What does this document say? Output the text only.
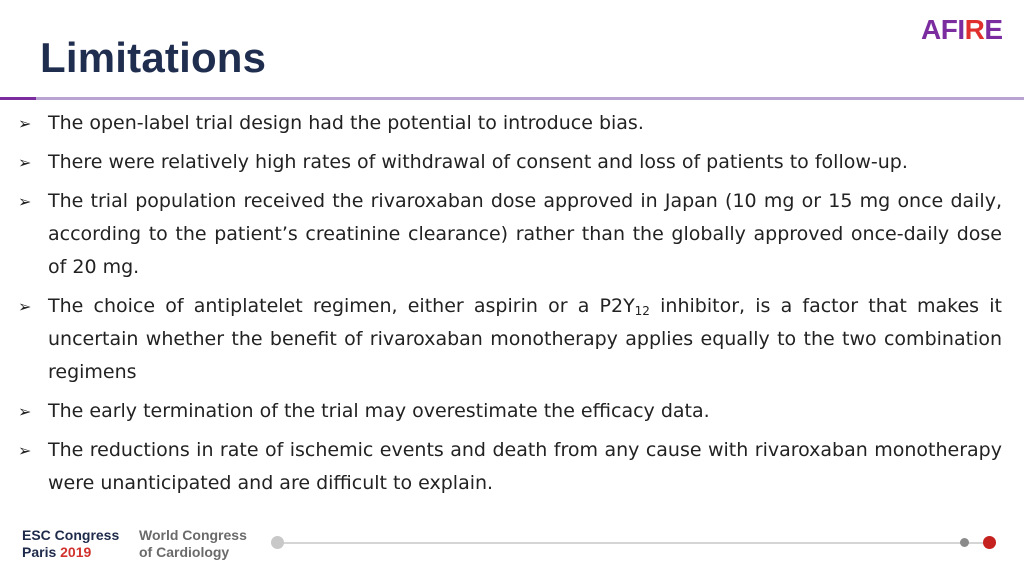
Limitations
AFIRE
➢ The open-label trial design had the potential to introduce bias.
➢ There were relatively high rates of withdrawal of consent and loss of patients to follow-up.
➢ The trial population received the rivaroxaban dose approved in Japan (10 mg or 15 mg once daily, according to the patient’s creatinine clearance) rather than the globally approved once-daily dose of 20 mg.
➢ The choice of antiplatelet regimen, either aspirin or a $P2Y_{12}$ inhibitor, is a factor that makes it uncertain whether the benefit of rivaroxaban monotherapy applies equally to the two combination regimens
➢ The early termination of the trial may overestimate the efficacy data.
➢ The reductions in rate of ischemic events and death from any cause with rivaroxaban monotherapy were unanticipated and are difficult to explain.
ESC Congress
Paris 2019
World Congress
of Cardiology
